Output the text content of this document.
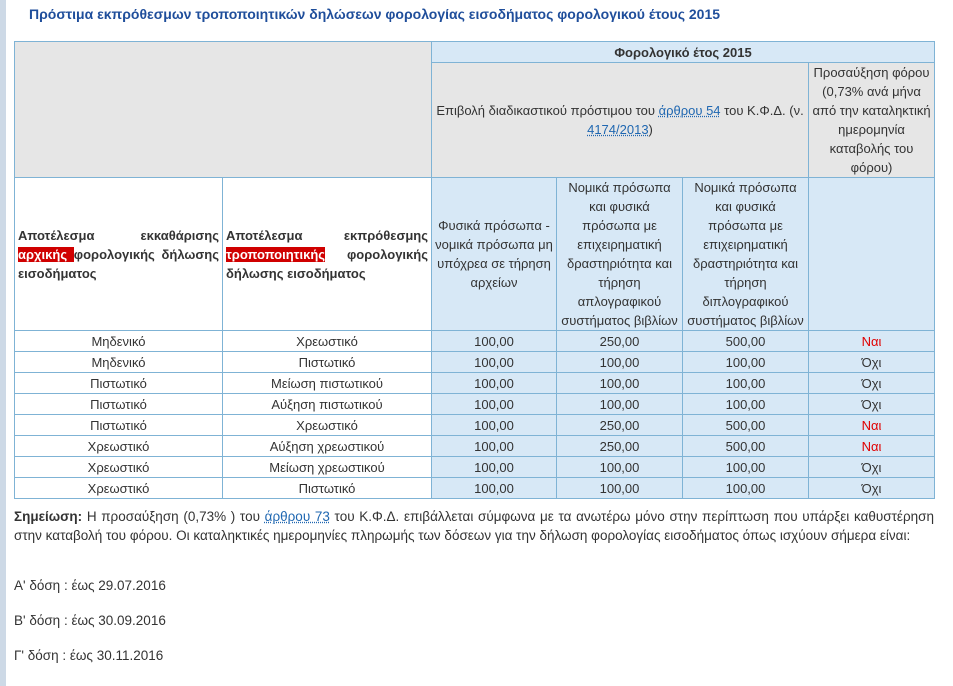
Πρόστιμα εκπρόθεσμων τροποποιητικών δηλώσεων φορολογίας εισοδήματος φορολογικού έτους 2015
		Φορολογικό έτος 2015			
		Επιβολή διαδικαστικού πρόστιμου του άρθρου 54 του Κ.Φ.Δ. (ν. 4174/2013)			Προσαύξηση φόρου (0,73% ανά μήνα από την καταληκτική ημερομηνία καταβολής του φόρου)
Αποτέλεσμα εκκαθάρισης αρχικής φορολογικής δήλωσης εισοδήματος	Αποτέλεσμα εκπρόθεσμης τροποποιητικής φορολογικής δήλωσης εισοδήματος	Φυσικά πρόσωπα - νομικά πρόσωπα μη υπόχρεα σε τήρηση αρχείων	Νομικά πρόσωπα και φυσικά πρόσωπα με επιχειρηματική δραστηριότητα και τήρηση απλογραφικού συστήματος βιβλίων	Νομικά πρόσωπα και φυσικά πρόσωπα με επιχειρηματική δραστηριότητα και τήρηση διπλογραφικού συστήματος βιβλίων	
Μηδενικό	Χρεωστικό	100,00	250,00	500,00	Ναι
Μηδενικό	Πιστωτικό	100,00	100,00	100,00	Όχι
Πιστωτικό	Μείωση πιστωτικού	100,00	100,00	100,00	Όχι
Πιστωτικό	Αύξηση πιστωτικού	100,00	100,00	100,00	Όχι
Πιστωτικό	Χρεωστικό	100,00	250,00	500,00	Ναι
Χρεωστικό	Αύξηση χρεωστικού	100,00	250,00	500,00	Ναι
Χρεωστικό	Μείωση χρεωστικού	100,00	100,00	100,00	Όχι
Χρεωστικό	Πιστωτικό	100,00	100,00	100,00	Όχι

Σημείωση: Η προσαύξηση (0,73% ) του άρθρου 73 του Κ.Φ.Δ. επιβάλλεται σύμφωνα με τα ανωτέρω μόνο στην περίπτωση που υπάρξει καθυστέρηση στην καταβολή του φόρου. Οι καταληκτικές ημερομηνίες πληρωμής των δόσεων για την δήλωση φορολογίας εισοδήματος όπως ισχύουν σήμερα είναι:

Α' δόση : έως 29.07.2016

Β' δόση : έως 30.09.2016

Γ' δόση : έως 30.11.2016
